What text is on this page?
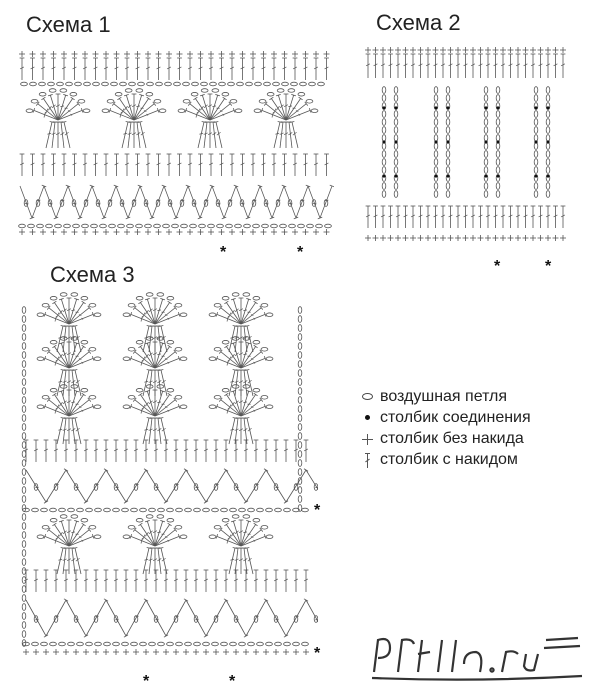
Схема 1	Схема 2
Схема 3
*	*
*	*
*
*
*	*
воздушная петля
столбик соединения
столбик без накида
столбик с накидом
